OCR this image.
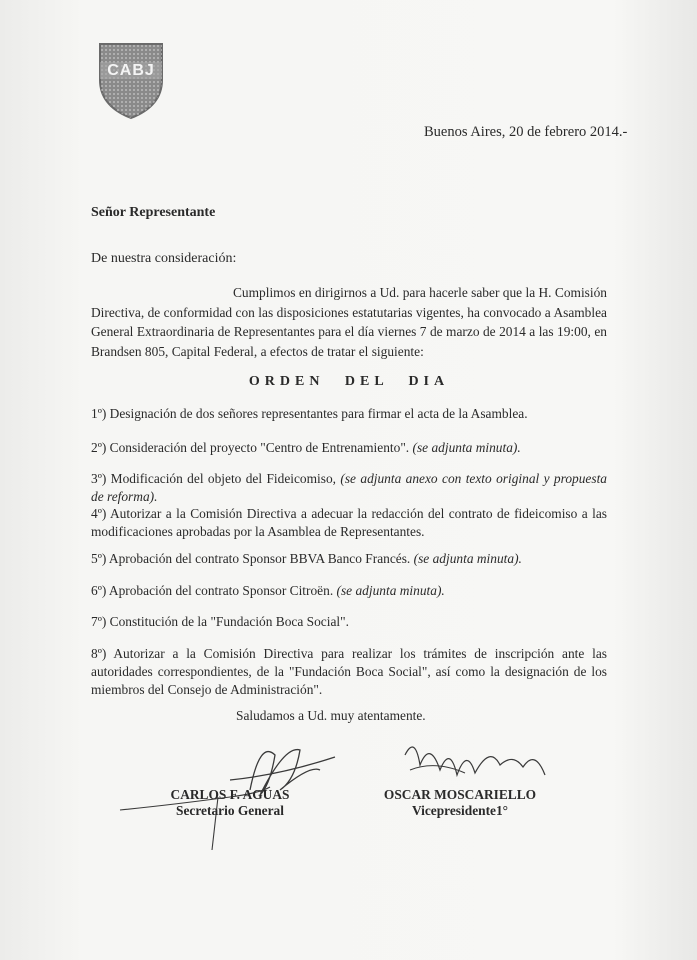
CABJ
Buenos Aires, 20 de febrero 2014.-
Señor Representante
De nuestra consideración:
Cumplimos en dirigirnos a Ud. para hacerle saber que la H. Comisión Directiva, de conformidad con las disposiciones estatutarias vigentes, ha convocado a Asamblea General Extraordinaria de Representantes para el día viernes 7 de marzo de 2014 a las 19:00, en Brandsen 805, Capital Federal, a efectos de tratar el siguiente:
ORDEN DEL DIA
1º) Designación de dos señores representantes para firmar el acta de la Asamblea.
2º) Consideración del proyecto "Centro de Entrenamiento". (se adjunta minuta).
3º) Modificación del objeto del Fideicomiso, (se adjunta anexo con texto original y propuesta de reforma).
4º) Autorizar a la Comisión Directiva a adecuar la redacción del contrato de fideicomiso a las modificaciones aprobadas por la Asamblea de Representantes.
5º) Aprobación del contrato Sponsor BBVA Banco Francés. (se adjunta minuta).
6º) Aprobación del contrato Sponsor Citroën. (se adjunta minuta).
7º) Constitución de la "Fundación Boca Social".
8º) Autorizar a la Comisión Directiva para realizar los trámites de inscripción ante las autoridades correspondientes, de la "Fundación Boca Social", así como la designación de los miembros del Consejo de Administración".
Saludamos a Ud. muy atentamente.
CARLOS F. AGUAS
Secretario General
OSCAR MOSCARIELLO
Vicepresidente1°
